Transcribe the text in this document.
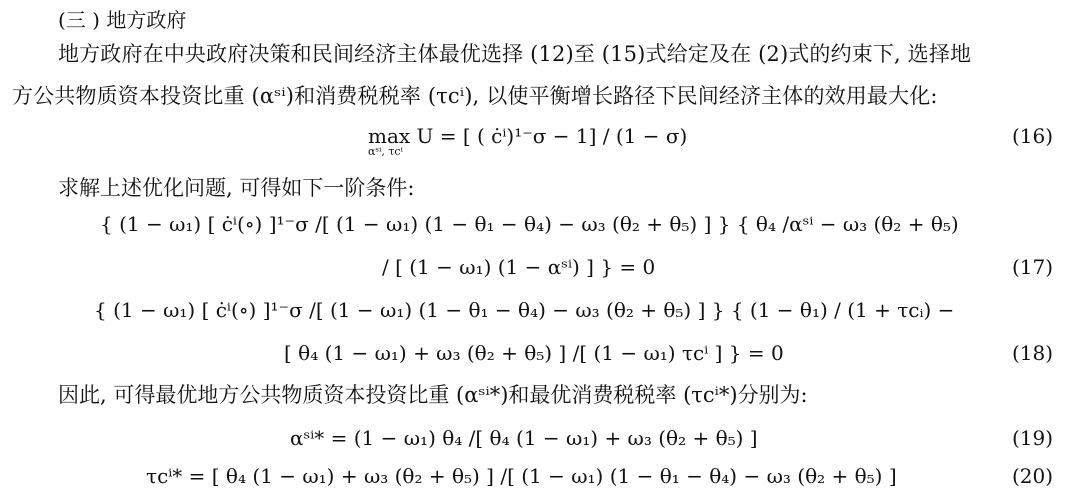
(三 ) 地方政府
地方政府在中央政府决策和民间经济主体最优选择 (12)至 (15)式给定及在 (2)式的约束下, 选择地
方公共物质资本投资比重 (αˢⁱ)和消费税税率 (τcⁱ), 以使平衡增长路径下民间经济主体的效用最大化:
max U = [ ( ċⁱ)¹⁻σ − 1] / (1 − σ)
αˢⁱ, τcⁱ
(16)
求解上述优化问题, 可得如下一阶条件:
{ (1 − ω₁) [ ċⁱ(∘) ]¹⁻σ /[ (1 − ω₁) (1 − θ₁ − θ₄) − ω₃ (θ₂ + θ₅) ] } { θ₄ /αˢⁱ − ω₃ (θ₂ + θ₅)
/ [ (1 − ω₁) (1 − αˢⁱ) ] } = 0	(17)
{ (1 − ω₁) [ ċⁱ(∘) ]¹⁻σ /[ (1 − ω₁) (1 − θ₁ − θ₄) − ω₃ (θ₂ + θ₅) ] } { (1 − θ₁) / (1 + τcᵢ) −
[ θ₄ (1 − ω₁) + ω₃ (θ₂ + θ₅) ] /[ (1 − ω₁) τcⁱ ] } = 0	(18)
因此, 可得最优地方公共物质资本投资比重 (αˢⁱ*)和最优消费税税率 (τcⁱ*)分别为:
αˢⁱ* = (1 − ω₁) θ₄ /[ θ₄ (1 − ω₁) + ω₃ (θ₂ + θ₅) ]	(19)
τcⁱ* = [ θ₄ (1 − ω₁) + ω₃ (θ₂ + θ₅) ] /[ (1 − ω₁) (1 − θ₁ − θ₄) − ω₃ (θ₂ + θ₅) ]	(20)
